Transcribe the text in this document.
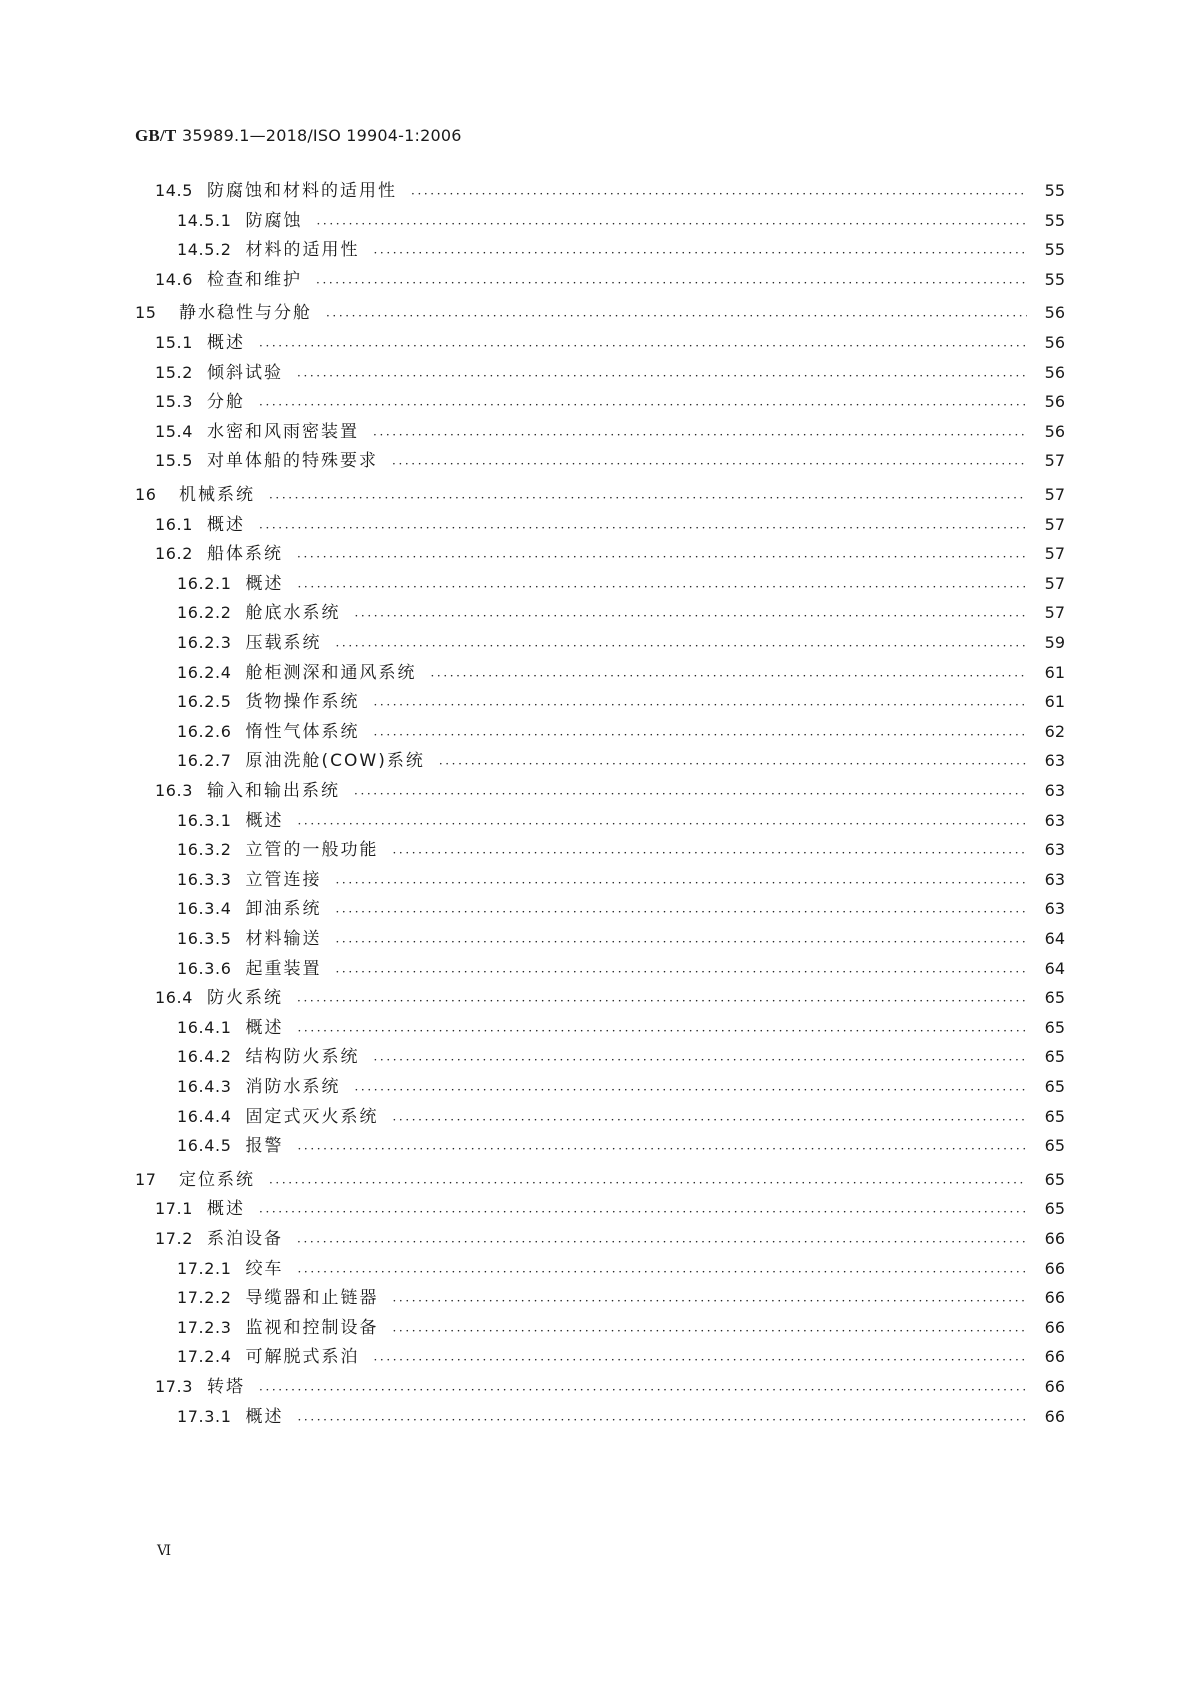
GB/T 35989.1—2018/ISO 19904-1:2006
14.5 防腐蚀和材料的适用性 ·····	55
14.5.1 防腐蚀 ·····	55
14.5.2 材料的适用性 ·····	55
14.6 检查和维护 ·····	55
15	静水稳性与分舱 ·····	56
15.1 概述 ·····	56
15.2 倾斜试验 ·····	56
15.3 分舱 ·····	56
15.4 水密和风雨密装置 ·····	56
15.5 对单体船的特殊要求 ·····	57
16	机械系统 ·····	57
16.1 概述 ·····	57
16.2 船体系统 ·····	57
16.2.1 概述 ·····	57
16.2.2 舱底水系统 ·····	57
16.2.3 压载系统 ·····	59
16.2.4 舱柜测深和通风系统 ·····	61
16.2.5 货物操作系统 ·····	61
16.2.6 惰性气体系统 ·····	62
16.2.7 原油洗舱(COW)系统 ·····	63
16.3 输入和输出系统 ·····	63
16.3.1 概述 ·····	63
16.3.2 立管的一般功能 ·····	63
16.3.3 立管连接 ·····	63
16.3.4 卸油系统 ·····	63
16.3.5 材料输送 ·····	64
16.3.6 起重装置 ·····	64
16.4 防火系统 ·····	65
16.4.1 概述 ·····	65
16.4.2 结构防火系统 ·····	65
16.4.3 消防水系统 ·····	65
16.4.4 固定式灭火系统 ·····	65
16.4.5 报警 ·····	65
17	定位系统 ·····	65
17.1 概述 ·····	65
17.2 系泊设备 ·····	66
17.2.1 绞车 ·····	66
17.2.2 导缆器和止链器 ·····	66
17.2.3 监视和控制设备 ·····	66
17.2.4 可解脱式系泊 ·····	66
17.3 转塔 ·····	66
17.3.1 概述 ·····	66
Ⅵ
